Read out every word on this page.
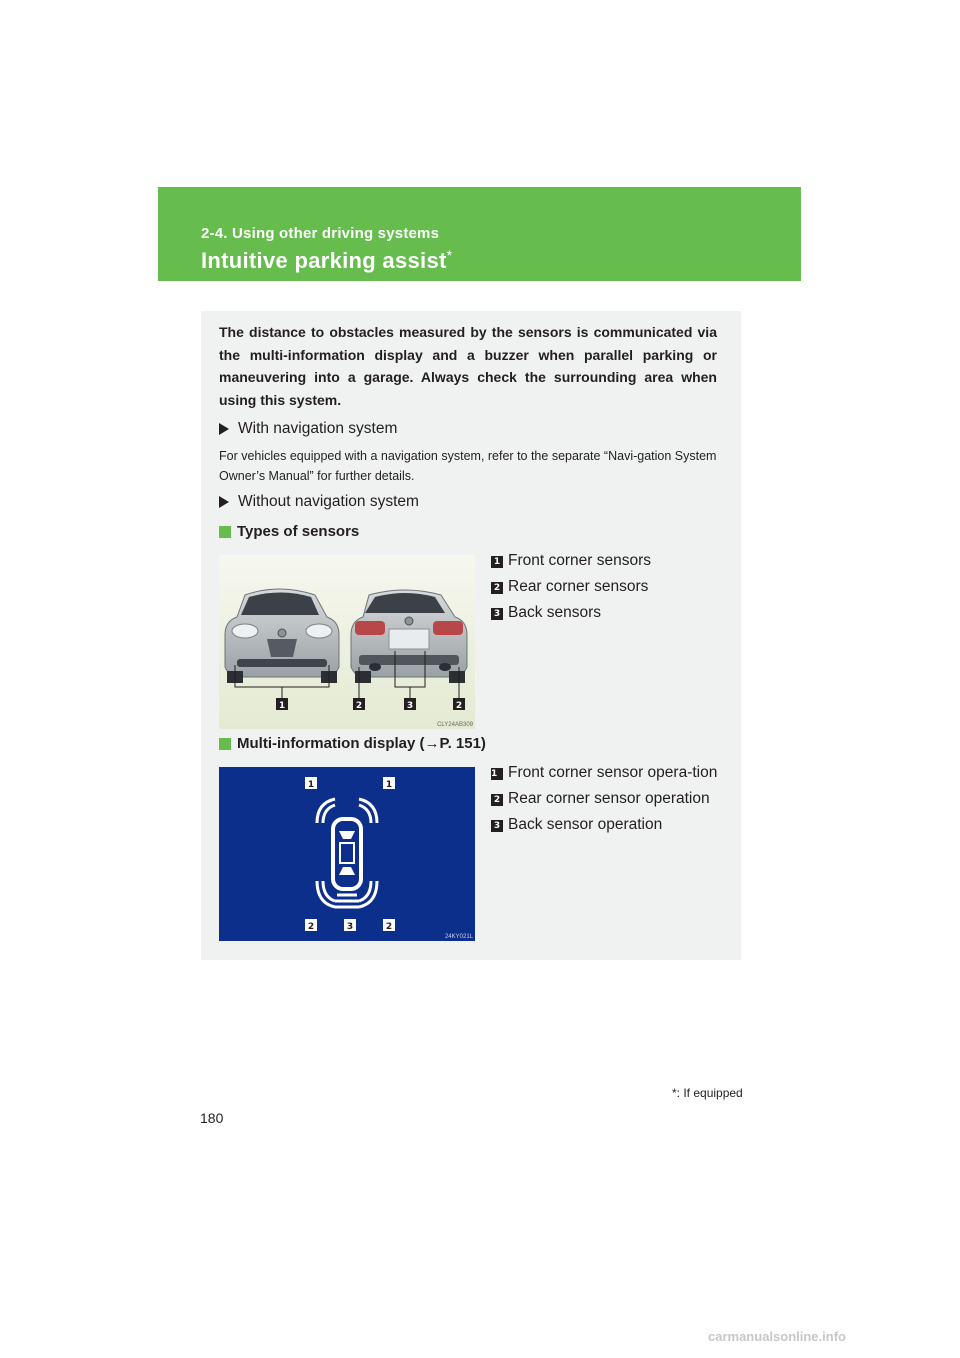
2-4. Using other driving systems
Intuitive parking assist*
The distance to obstacles measured by the sensors is communicated via the multi-information display and a buzzer when parallel parking or maneuvering into a garage. Always check the surrounding area when using this system.
With navigation system
For vehicles equipped with a navigation system, refer to the separate “Navi-gation System Owner’s Manual” for further details.
Without navigation system
Types of sensors
1	2	3	2
CLY24AB309
1 Front corner sensors
2 Rear corner sensors
3 Back sensors
Multi-information display (→P. 151)
1	1
2	3	2
24KY021L
1 Front corner sensor opera-tion
2 Rear corner sensor operation
3 Back sensor operation
*: If equipped
180
carmanualsonline.info
